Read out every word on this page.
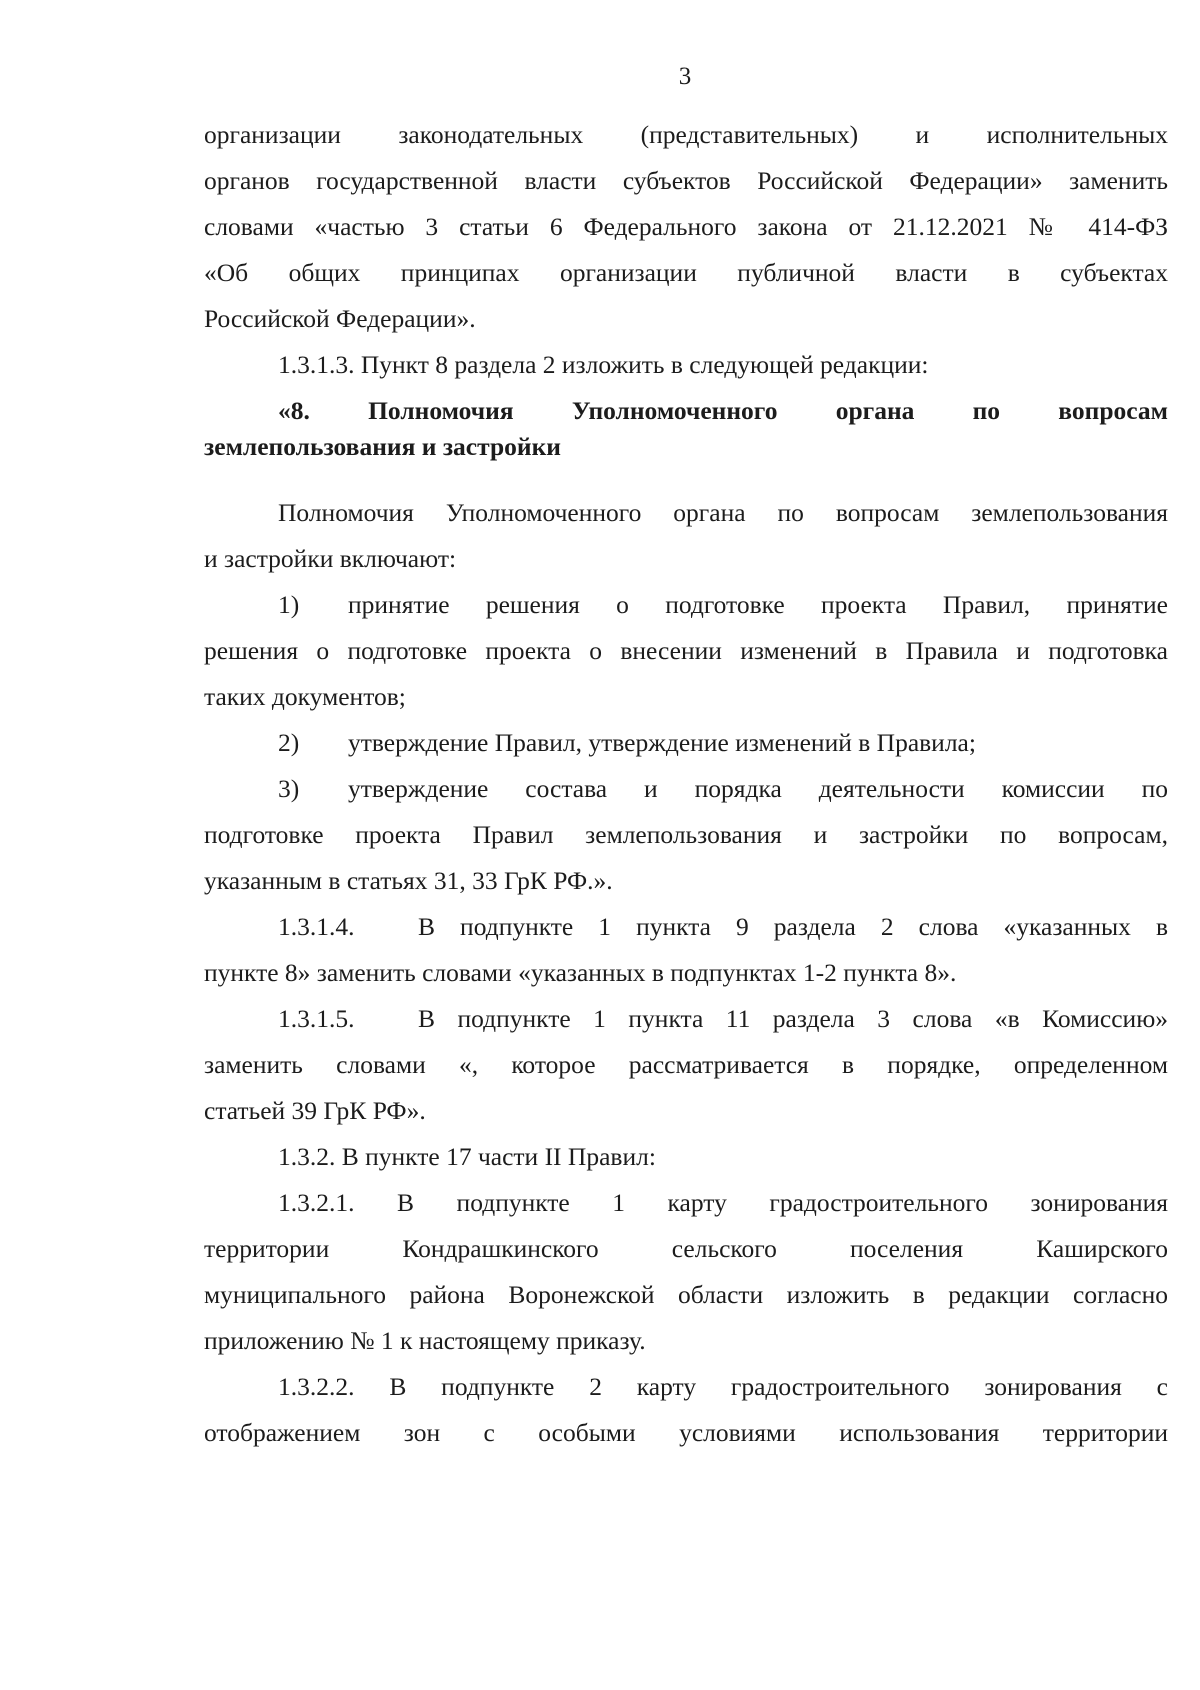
3
организации законодательных (представительных) и исполнительных
органов государственной власти субъектов Российской Федерации» заменить
словами «частью 3 статьи 6 Федерального закона от 21.12.2021 № 414-ФЗ
«Об общих принципах организации публичной власти в субъектах
Российской Федерации».
1.3.1.3. Пункт 8 раздела 2 изложить в следующей редакции:
«8. Полномочия Уполномоченного органа по вопросам
землепользования и застройки
Полномочия Уполномоченного органа по вопросам землепользования
и застройки включают:
1) принятие решения о подготовке проекта Правил, принятие
решения о подготовке проекта о внесении изменений в Правила и подготовка
таких документов;
2) утверждение Правил, утверждение изменений в Правила;
3) утверждение состава и порядка деятельности комиссии по
подготовке проекта Правил землепользования и застройки по вопросам,
указанным в статьях 31, 33 ГрК РФ.».
1.3.1.4. В подпункте 1 пункта 9 раздела 2 слова «указанных в
пункте 8» заменить словами «указанных в подпунктах 1-2 пункта 8».
1.3.1.5. В подпункте 1 пункта 11 раздела 3 слова «в Комиссию»
заменить словами «, которое рассматривается в порядке, определенном
статьей 39 ГрК РФ».
1.3.2. В пункте 17 части II Правил:
1.3.2.1. В подпункте 1 карту градостроительного зонирования
территории Кондрашкинского сельского поселения Каширского
муниципального района Воронежской области изложить в редакции согласно
приложению № 1 к настоящему приказу.
1.3.2.2. В подпункте 2 карту градостроительного зонирования с
отображением зон с особыми условиями использования территории
